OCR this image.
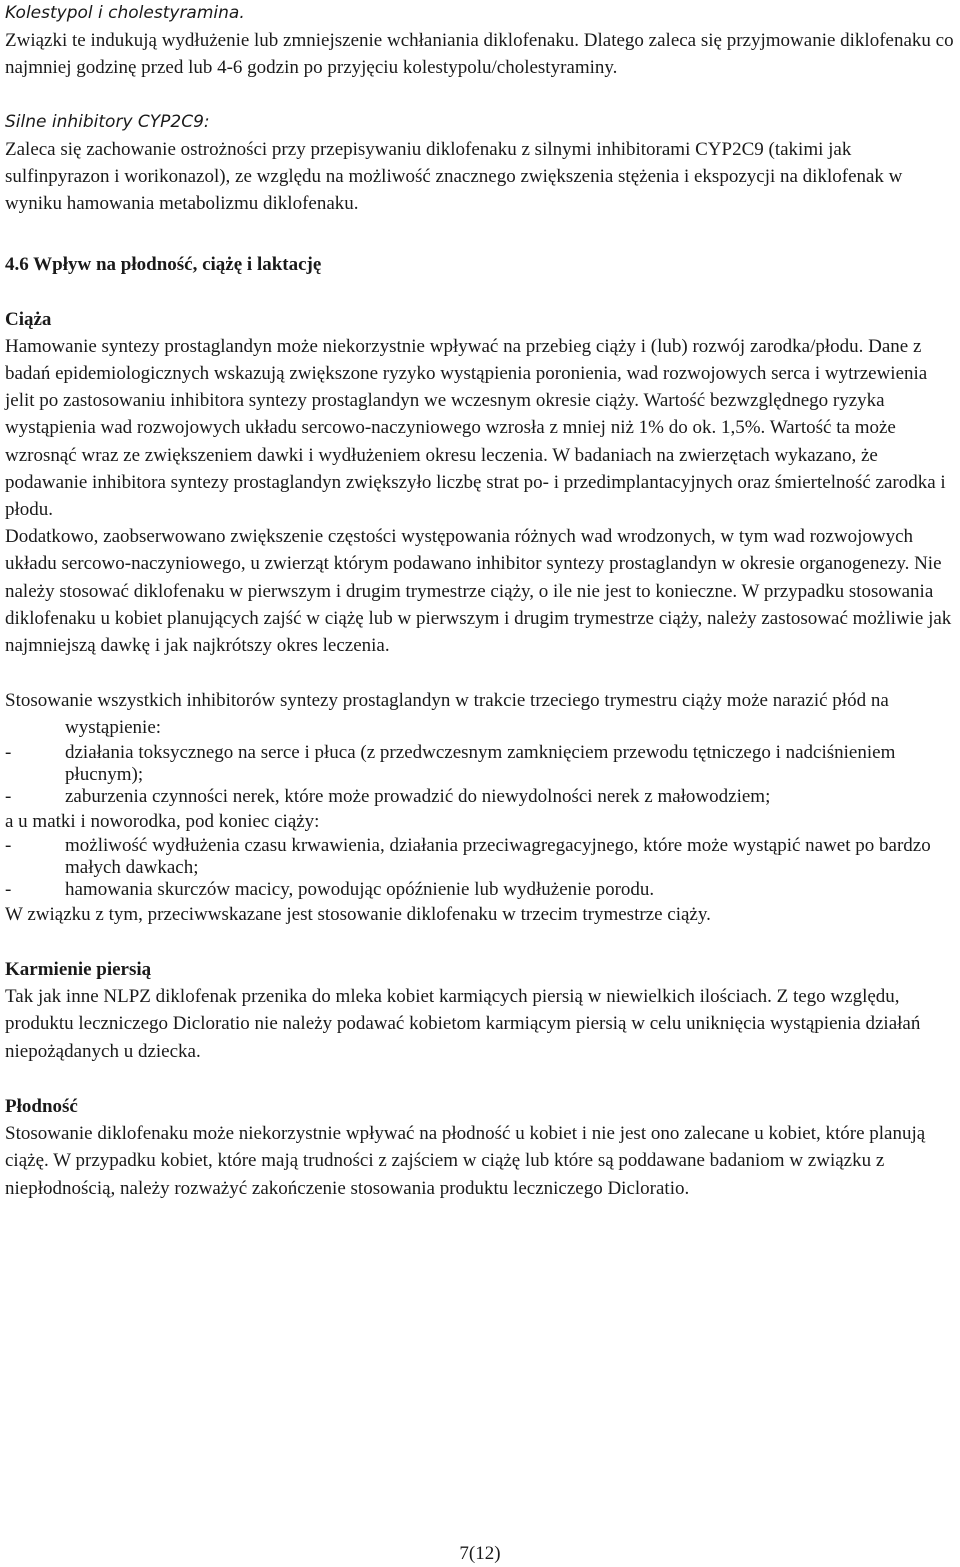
Kolestypol i cholestyramina.

Związki te indukują wydłużenie lub zmniejszenie wchłaniania diklofenaku. Dlatego zaleca się przyjmowanie diklofenaku co najmniej godzinę przed lub 4-6 godzin po przyjęciu kolestypolu/cholestyraminy.

Silne inhibitory CYP2C9:

Zaleca się zachowanie ostrożności przy przepisywaniu diklofenaku z silnymi inhibitorami CYP2C9 (takimi jak sulfinpyrazon i worikonazol), ze względu na możliwość znacznego zwiększenia stężenia i ekspozycji na diklofenak w wyniku hamowania metabolizmu diklofenaku.

4.6 Wpływ na płodność, ciążę i laktację

Ciąża

Hamowanie syntezy prostaglandyn może niekorzystnie wpływać na przebieg ciąży i (lub) rozwój zarodka/płodu. Dane z badań epidemiologicznych wskazują zwiększone ryzyko wystąpienia poronienia, wad rozwojowych serca i wytrzewienia jelit po zastosowaniu inhibitora syntezy prostaglandyn we wczesnym okresie ciąży. Wartość bezwzględnego ryzyka wystąpienia wad rozwojowych układu sercowo-naczyniowego wzrosła z mniej niż 1% do ok. 1,5%. Wartość ta może wzrosnąć wraz ze zwiększeniem dawki i wydłużeniem okresu leczenia. W badaniach na zwierzętach wykazano, że podawanie inhibitora syntezy prostaglandyn zwiększyło liczbę strat po- i przedimplantacyjnych oraz śmiertelność zarodka i płodu.

Dodatkowo, zaobserwowano zwiększenie częstości występowania różnych wad wrodzonych, w tym wad rozwojowych układu sercowo-naczyniowego, u zwierząt którym podawano inhibitor syntezy prostaglandyn w okresie organogenezy. Nie należy stosować diklofenaku w pierwszym i drugim trymestrze ciąży, o ile nie jest to konieczne. W przypadku stosowania diklofenaku u kobiet planujących zajść w ciążę lub w pierwszym i drugim trymestrze ciąży, należy zastosować możliwie jak najmniejszą dawkę i jak najkrótszy okres leczenia.

Stosowanie wszystkich inhibitorów syntezy prostaglandyn w trakcie trzeciego trymestru ciąży może narazić płód na wystąpienie:

-	działania toksycznego na serce i płuca (z przedwczesnym zamknięciem przewodu tętniczego i nadciśnieniem płucnym);
-	zaburzenia czynności nerek, które może prowadzić do niewydolności nerek z małowodziem;

a u matki i noworodka, pod koniec ciąży:

-	możliwość wydłużenia czasu krwawienia, działania przeciwagregacyjnego, które może wystąpić nawet po bardzo małych dawkach;
-	hamowania skurczów macicy, powodując opóźnienie lub wydłużenie porodu.

W związku z tym, przeciwwskazane jest stosowanie diklofenaku w trzecim trymestrze ciąży.

Karmienie piersią

Tak jak inne NLPZ diklofenak przenika do mleka kobiet karmiących piersią w niewielkich ilościach. Z tego względu, produktu leczniczego Dicloratio nie należy podawać kobietom karmiącym piersią w celu uniknięcia wystąpienia działań niepożądanych u dziecka.

Płodność

Stosowanie diklofenaku może niekorzystnie wpływać na płodność u kobiet i nie jest ono zalecane u kobiet, które planują ciążę. W przypadku kobiet, które mają trudności z zajściem w ciążę lub które są poddawane badaniom w związku z niepłodnością, należy rozważyć zakończenie stosowania produktu leczniczego Dicloratio.

7(12)
